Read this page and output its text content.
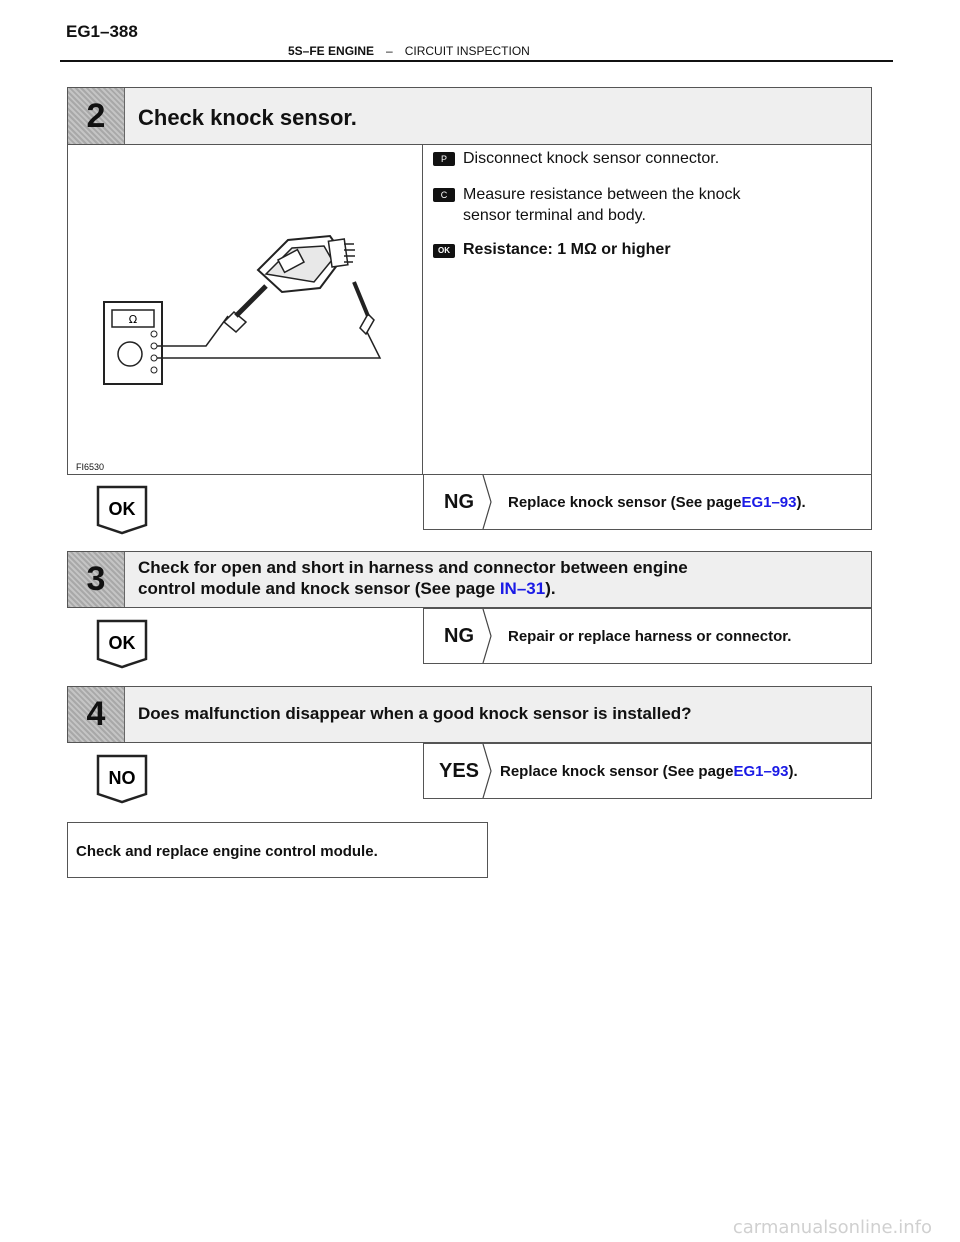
EG1–388
5S–FE ENGINE – CIRCUIT INSPECTION
2	Check knock sensor.
Ω
FI6530
P Disconnect knock sensor connector.
C Measure resistance between the knock
sensor terminal and body.
OK Resistance: 1 MΩ or higher
OK	NG	Replace knock sensor (See page EG1–93 ).
3	Check for open and short in harness and connector between engine
control module and knock sensor (See page IN–31).
OK	NG	Repair or replace harness or connector.
4	Does malfunction disappear when a good knock sensor is installed?
NO	YES	Replace knock sensor (See page EG1–93 ).
Check and replace engine control module.
carmanualsonline.info
